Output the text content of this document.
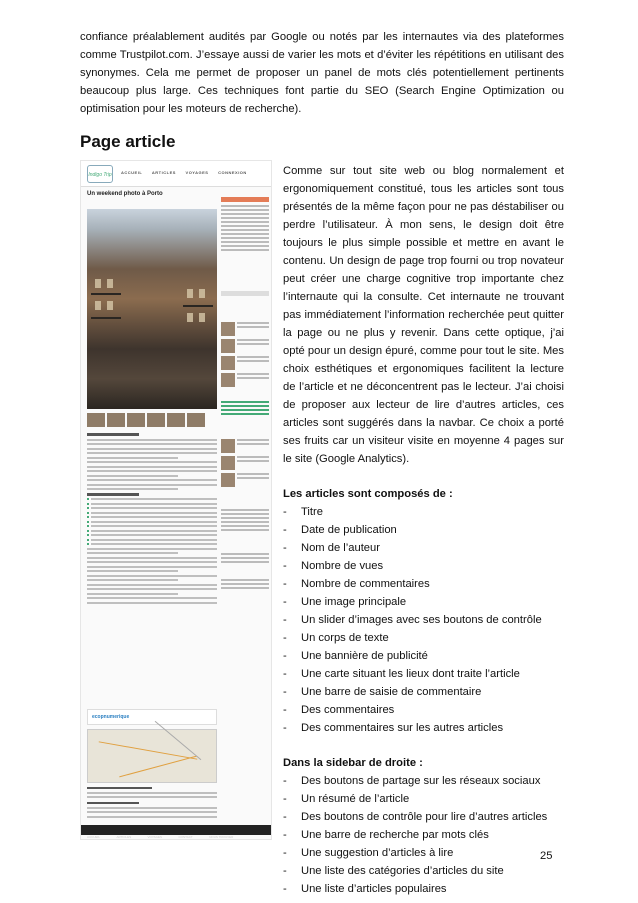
confiance préalablement audités par Google ou notés par les internautes via des plateformes comme Trustpilot.com. J’essaye aussi de varier les mots et d’éviter les répétitions en utilisant des synonymes. Cela me permet de proposer un panel de mots clés potentiellement pertinents beaucoup plus large. Ces techniques font partie du SEO (Search Engine Optimization ou optimisation pour les moteurs de recherche).

Page article
Indigo Trip	ACCUEIL ARTICLES VOYAGES CONNEXION
Un weekend photo à Porto

ecopnumerique
ACCUEIL	ARTICLES	VOYAGES	CONTACT	NOUS TROUVER

Comme sur tout site web ou blog normalement et ergonomiquement constitué, tous les articles sont tous présentés de la même façon pour ne pas déstabiliser ou perdre l’utilisateur. À mon sens, le design doit être toujours le plus simple possible et mettre en avant le contenu. Un design de page trop fourni ou trop novateur peut créer une charge cognitive trop importante chez l’internaute qui la consulte. Cet internaute ne trouvant pas immédiatement l’information recherchée peut quitter la page ou ne plus y revenir. Dans cette optique, j’ai opté pour un design épuré, comme pour tout le site. Mes choix esthétiques et ergonomiques facilitent la lecture de l’article et ne déconcentrent pas le lecteur. J’ai choisi de proposer aux lecteur de lire d’autres articles, ces articles sont suggérés dans la navbar. Ce choix a porté ses fruits car un visiteur visite en moyenne 4 pages sur le site (Google Analytics).

Les articles sont composés de :

- Titre
- Date de publication
- Nom de l’auteur
- Nombre de vues
- Nombre de commentaires
- Une image principale
- Un slider d’images avec ses boutons de contrôle
- Un corps de texte
- Une bannière de publicité
- Une carte situant les lieux dont traite l’article
- Une barre de saisie de commentaire
- Des commentaires
- Des commentaires sur les autres articles

Dans la sidebar de droite :

- Des boutons de partage sur les réseaux sociaux
- Un résumé de l’article
- Des boutons de contrôle pour lire d’autres articles
- Une barre de recherche par mots clés
- Une suggestion d’articles à lire
- Une liste des catégories d’articles du site
- Une liste d’articles populaires
25
